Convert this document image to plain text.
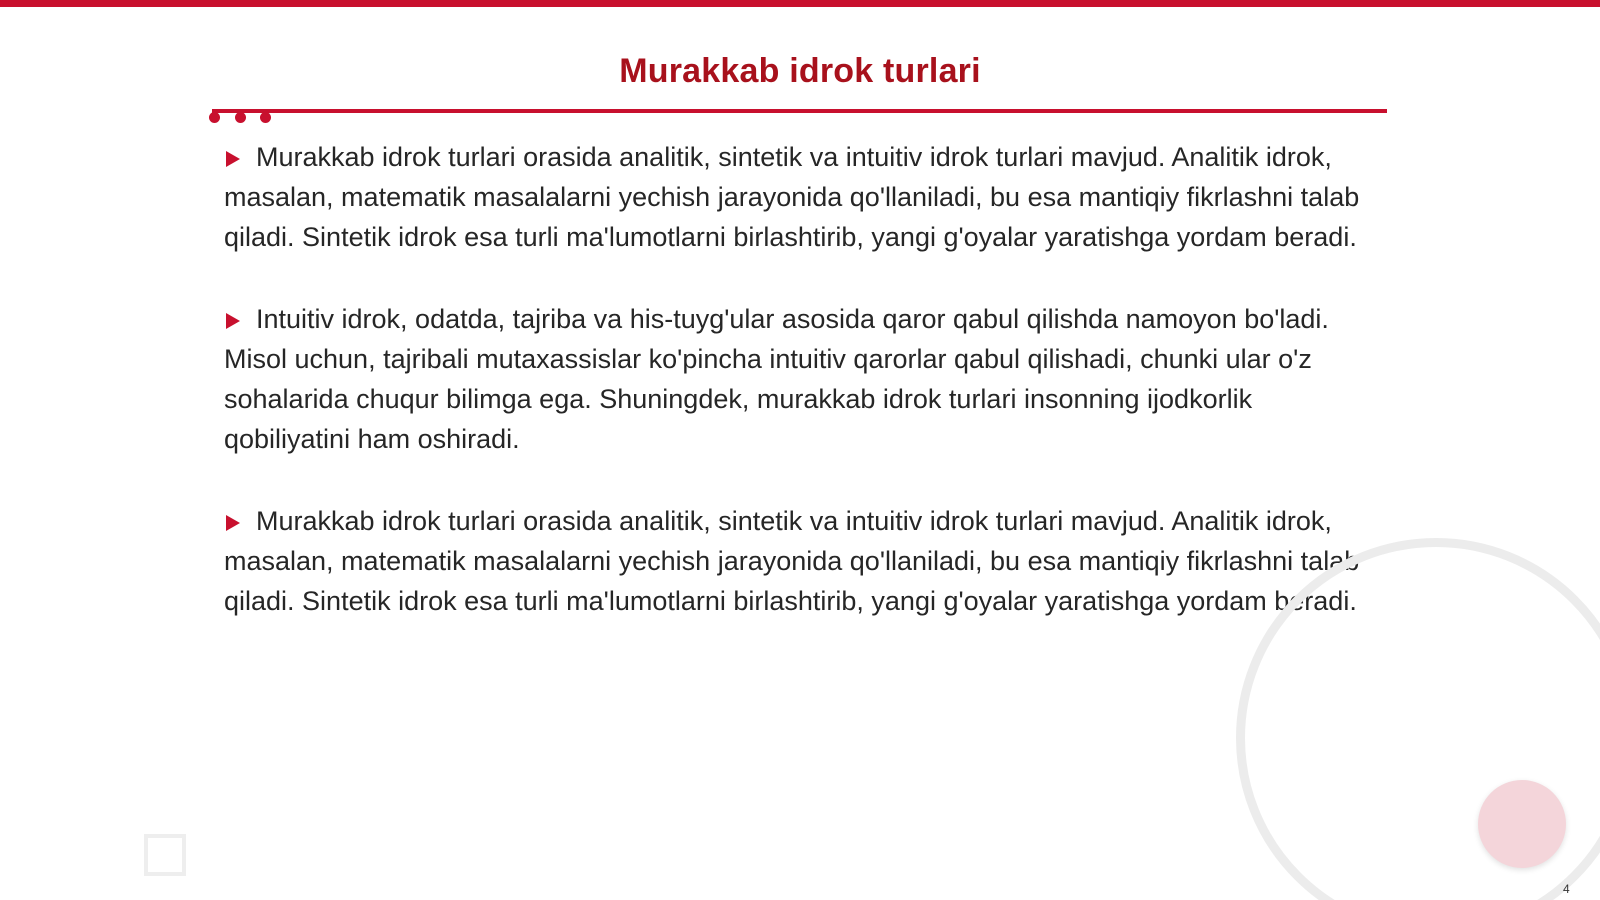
Murakkab idrok turlari

Murakkab idrok turlari orasida analitik, sintetik va intuitiv idrok turlari mavjud. Analitik idrok, masalan, matematik masalalarni yechish jarayonida qo'llaniladi, bu esa mantiqiy fikrlashni talab qiladi. Sintetik idrok esa turli ma'lumotlarni birlashtirib, yangi g'oyalar yaratishga yordam beradi.

Intuitiv idrok, odatda, tajriba va his-tuyg'ular asosida qaror qabul qilishda namoyon bo'ladi. Misol uchun, tajribali mutaxassislar ko'pincha intuitiv qarorlar qabul qilishadi, chunki ular o'z sohalarida chuqur bilimga ega. Shuningdek, murakkab idrok turlari insonning ijodkorlik qobiliyatini ham oshiradi.

Murakkab idrok turlari orasida analitik, sintetik va intuitiv idrok turlari mavjud. Analitik idrok, masalan, matematik masalalarni yechish jarayonida qo'llaniladi, bu esa mantiqiy fikrlashni talab qiladi. Sintetik idrok esa turli ma'lumotlarni birlashtirib, yangi g'oyalar yaratishga yordam beradi.

4
